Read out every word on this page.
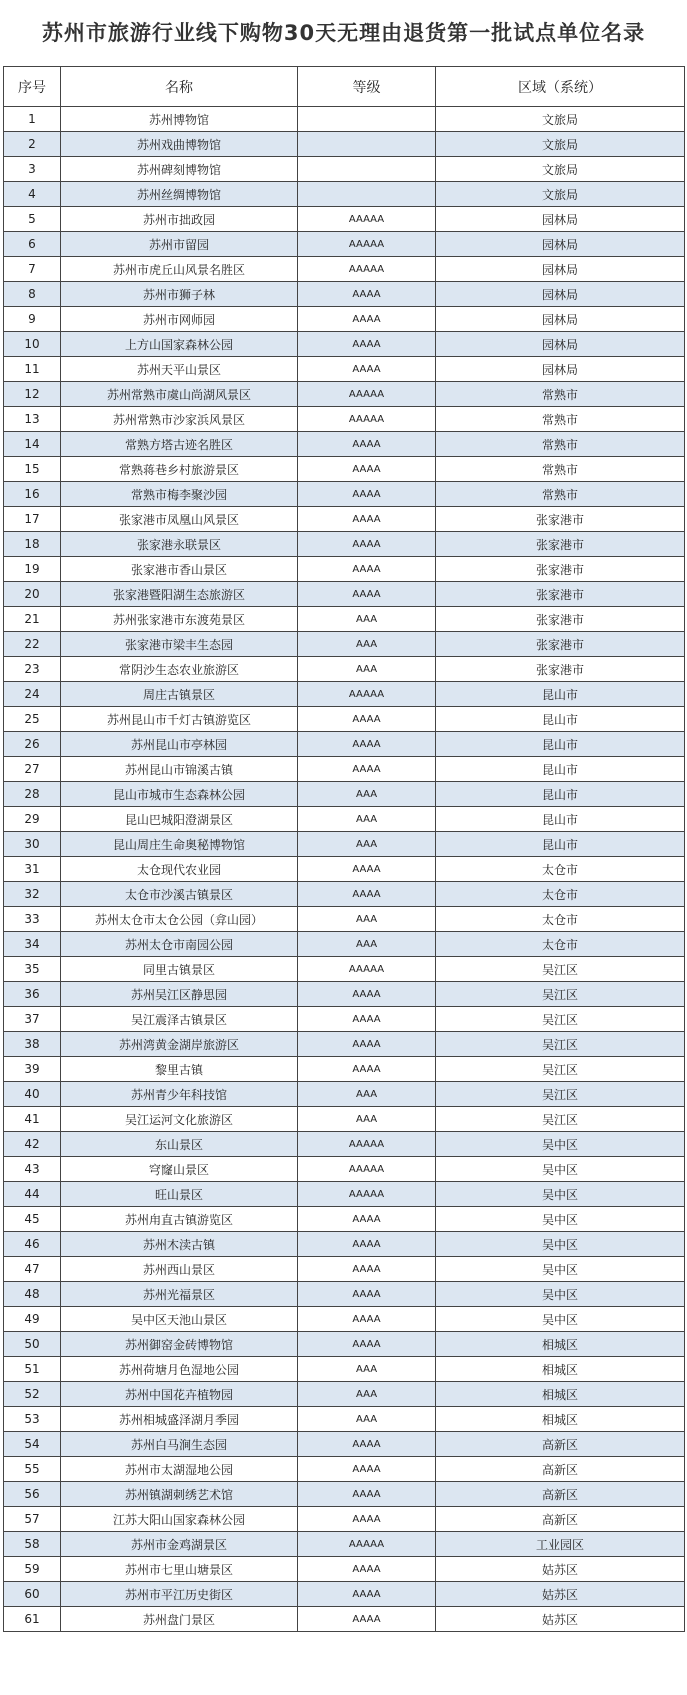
苏州市旅游行业线下购物30天无理由退货第一批试点单位名录
序号	名称	等级	区域（系统）
1	苏州博物馆		文旅局
2	苏州戏曲博物馆		文旅局
3	苏州碑刻博物馆		文旅局
4	苏州丝绸博物馆		文旅局
5	苏州市拙政园	AAAAA	园林局
6	苏州市留园	AAAAA	园林局
7	苏州市虎丘山风景名胜区	AAAAA	园林局
8	苏州市狮子林	AAAA	园林局
9	苏州市网师园	AAAA	园林局
10	上方山国家森林公园	AAAA	园林局
11	苏州天平山景区	AAAA	园林局
12	苏州常熟市虞山尚湖风景区	AAAAA	常熟市
13	苏州常熟市沙家浜风景区	AAAAA	常熟市
14	常熟方塔古迹名胜区	AAAA	常熟市
15	常熟蒋巷乡村旅游景区	AAAA	常熟市
16	常熟市梅李聚沙园	AAAA	常熟市
17	张家港市凤凰山风景区	AAAA	张家港市
18	张家港永联景区	AAAA	张家港市
19	张家港市香山景区	AAAA	张家港市
20	张家港暨阳湖生态旅游区	AAAA	张家港市
21	苏州张家港市东渡苑景区	AAA	张家港市
22	张家港市梁丰生态园	AAA	张家港市
23	常阴沙生态农业旅游区	AAA	张家港市
24	周庄古镇景区	AAAAA	昆山市
25	苏州昆山市千灯古镇游览区	AAAA	昆山市
26	苏州昆山市亭林园	AAAA	昆山市
27	苏州昆山市锦溪古镇	AAAA	昆山市
28	昆山市城市生态森林公园	AAA	昆山市
29	昆山巴城阳澄湖景区	AAA	昆山市
30	昆山周庄生命奥秘博物馆	AAA	昆山市
31	太仓现代农业园	AAAA	太仓市
32	太仓市沙溪古镇景区	AAAA	太仓市
33	苏州太仓市太仓公园（弇山园）	AAA	太仓市
34	苏州太仓市南园公园	AAA	太仓市
35	同里古镇景区	AAAAA	吴江区
36	苏州吴江区静思园	AAAA	吴江区
37	吴江震泽古镇景区	AAAA	吴江区
38	苏州湾黄金湖岸旅游区	AAAA	吴江区
39	黎里古镇	AAAA	吴江区
40	苏州青少年科技馆	AAA	吴江区
41	吴江运河文化旅游区	AAA	吴江区
42	东山景区	AAAAA	吴中区
43	穹窿山景区	AAAAA	吴中区
44	旺山景区	AAAAA	吴中区
45	苏州甪直古镇游览区	AAAA	吴中区
46	苏州木渎古镇	AAAA	吴中区
47	苏州西山景区	AAAA	吴中区
48	苏州光福景区	AAAA	吴中区
49	吴中区天池山景区	AAAA	吴中区
50	苏州御窑金砖博物馆	AAAA	相城区
51	苏州荷塘月色湿地公园	AAA	相城区
52	苏州中国花卉植物园	AAA	相城区
53	苏州相城盛泽湖月季园	AAA	相城区
54	苏州白马涧生态园	AAAA	高新区
55	苏州市太湖湿地公园	AAAA	高新区
56	苏州镇湖刺绣艺术馆	AAAA	高新区
57	江苏大阳山国家森林公园	AAAA	高新区
58	苏州市金鸡湖景区	AAAAA	工业园区
59	苏州市七里山塘景区	AAAA	姑苏区
60	苏州市平江历史街区	AAAA	姑苏区
61	苏州盘门景区	AAAA	姑苏区
